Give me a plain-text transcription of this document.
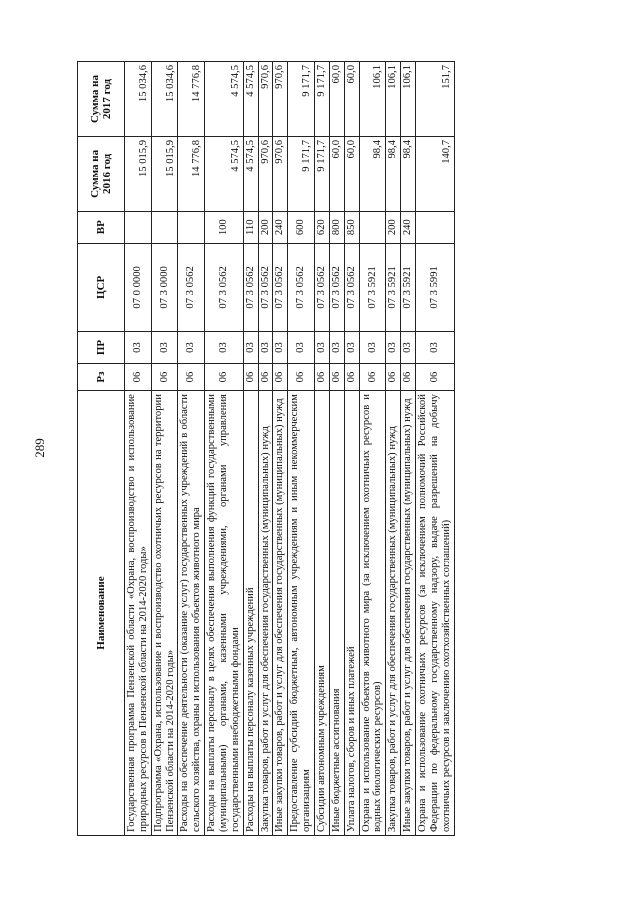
289
Наименование	Рз	ПР	ЦСР	ВР	Сумма на 2016 год	Сумма на 2017 год
Государственная программа Пензенской области «Охрана, воспроизводство и использование природных ресурсов в Пензенской области на 2014-2020 годы»	06	03	07 0 0000		15 015,9	15 034,6
Подпрограмма «Охрана, использование и воспроизводство охотничьих ресурсов на территории Пензенской области на 2014-2020 годы»	06	03	07 3 0000		15 015,9	15 034,6
Расходы на обеспечение деятельности (оказание услуг) государственных учреждений в области сельского хозяйства, охраны и использования объектов животного мира	06	03	07 3 0562		14 776,8	14 776,8
Расходы на выплаты персоналу в целях обеспечения выполнения функций государственными (муниципальными) органами, казенными учреждениями, органами управления государственными внебюджетными фондами	06	03	07 3 0562	100	4 574,5	4 574,5
Расходы на выплаты персоналу казенных учреждений	06	03	07 3 0562	110	4 574,5	4 574,5
Закупка товаров, работ и услуг для обеспечения государственных (муниципальных) нужд	06	03	07 3 0562	200	970,6	970,6
Иные закупки товаров, работ и услуг для обеспечения государственных (муниципальных) нужд	06	03	07 3 0562	240	970,6	970,6
Предоставление субсидий бюджетным, автономным учреждениям и иным некоммерческим организациям	06	03	07 3 0562	600	9 171,7	9 171,7
Субсидии автономным учреждениям	06	03	07 3 0562	620	9 171,7	9 171,7
Иные бюджетные ассигнования	06	03	07 3 0562	800	60,0	60,0
Уплата налогов, сборов и иных платежей	06	03	07 3 0562	850	60,0	60,0
Охрана и использование объектов животного мира (за исключением охотничьих ресурсов и водных биологических ресурсов)	06	03	07 3 5921		98,4	106,1
Закупка товаров, работ и услуг для обеспечения государственных (муниципальных) нужд	06	03	07 3 5921	200	98,4	106,1
Иные закупки товаров, работ и услуг для обеспечения государственных (муниципальных) нужд	06	03	07 3 5921	240	98,4	106,1
Охрана и использование охотничьих ресурсов (за исключением полномочий Российской Федерации по федеральному государственному надзору, выдаче разрешений на добычу охотничьих ресурсов и заключению охотхозяйственных соглашений)	06	03	07 3 5991		140,7	151,7
